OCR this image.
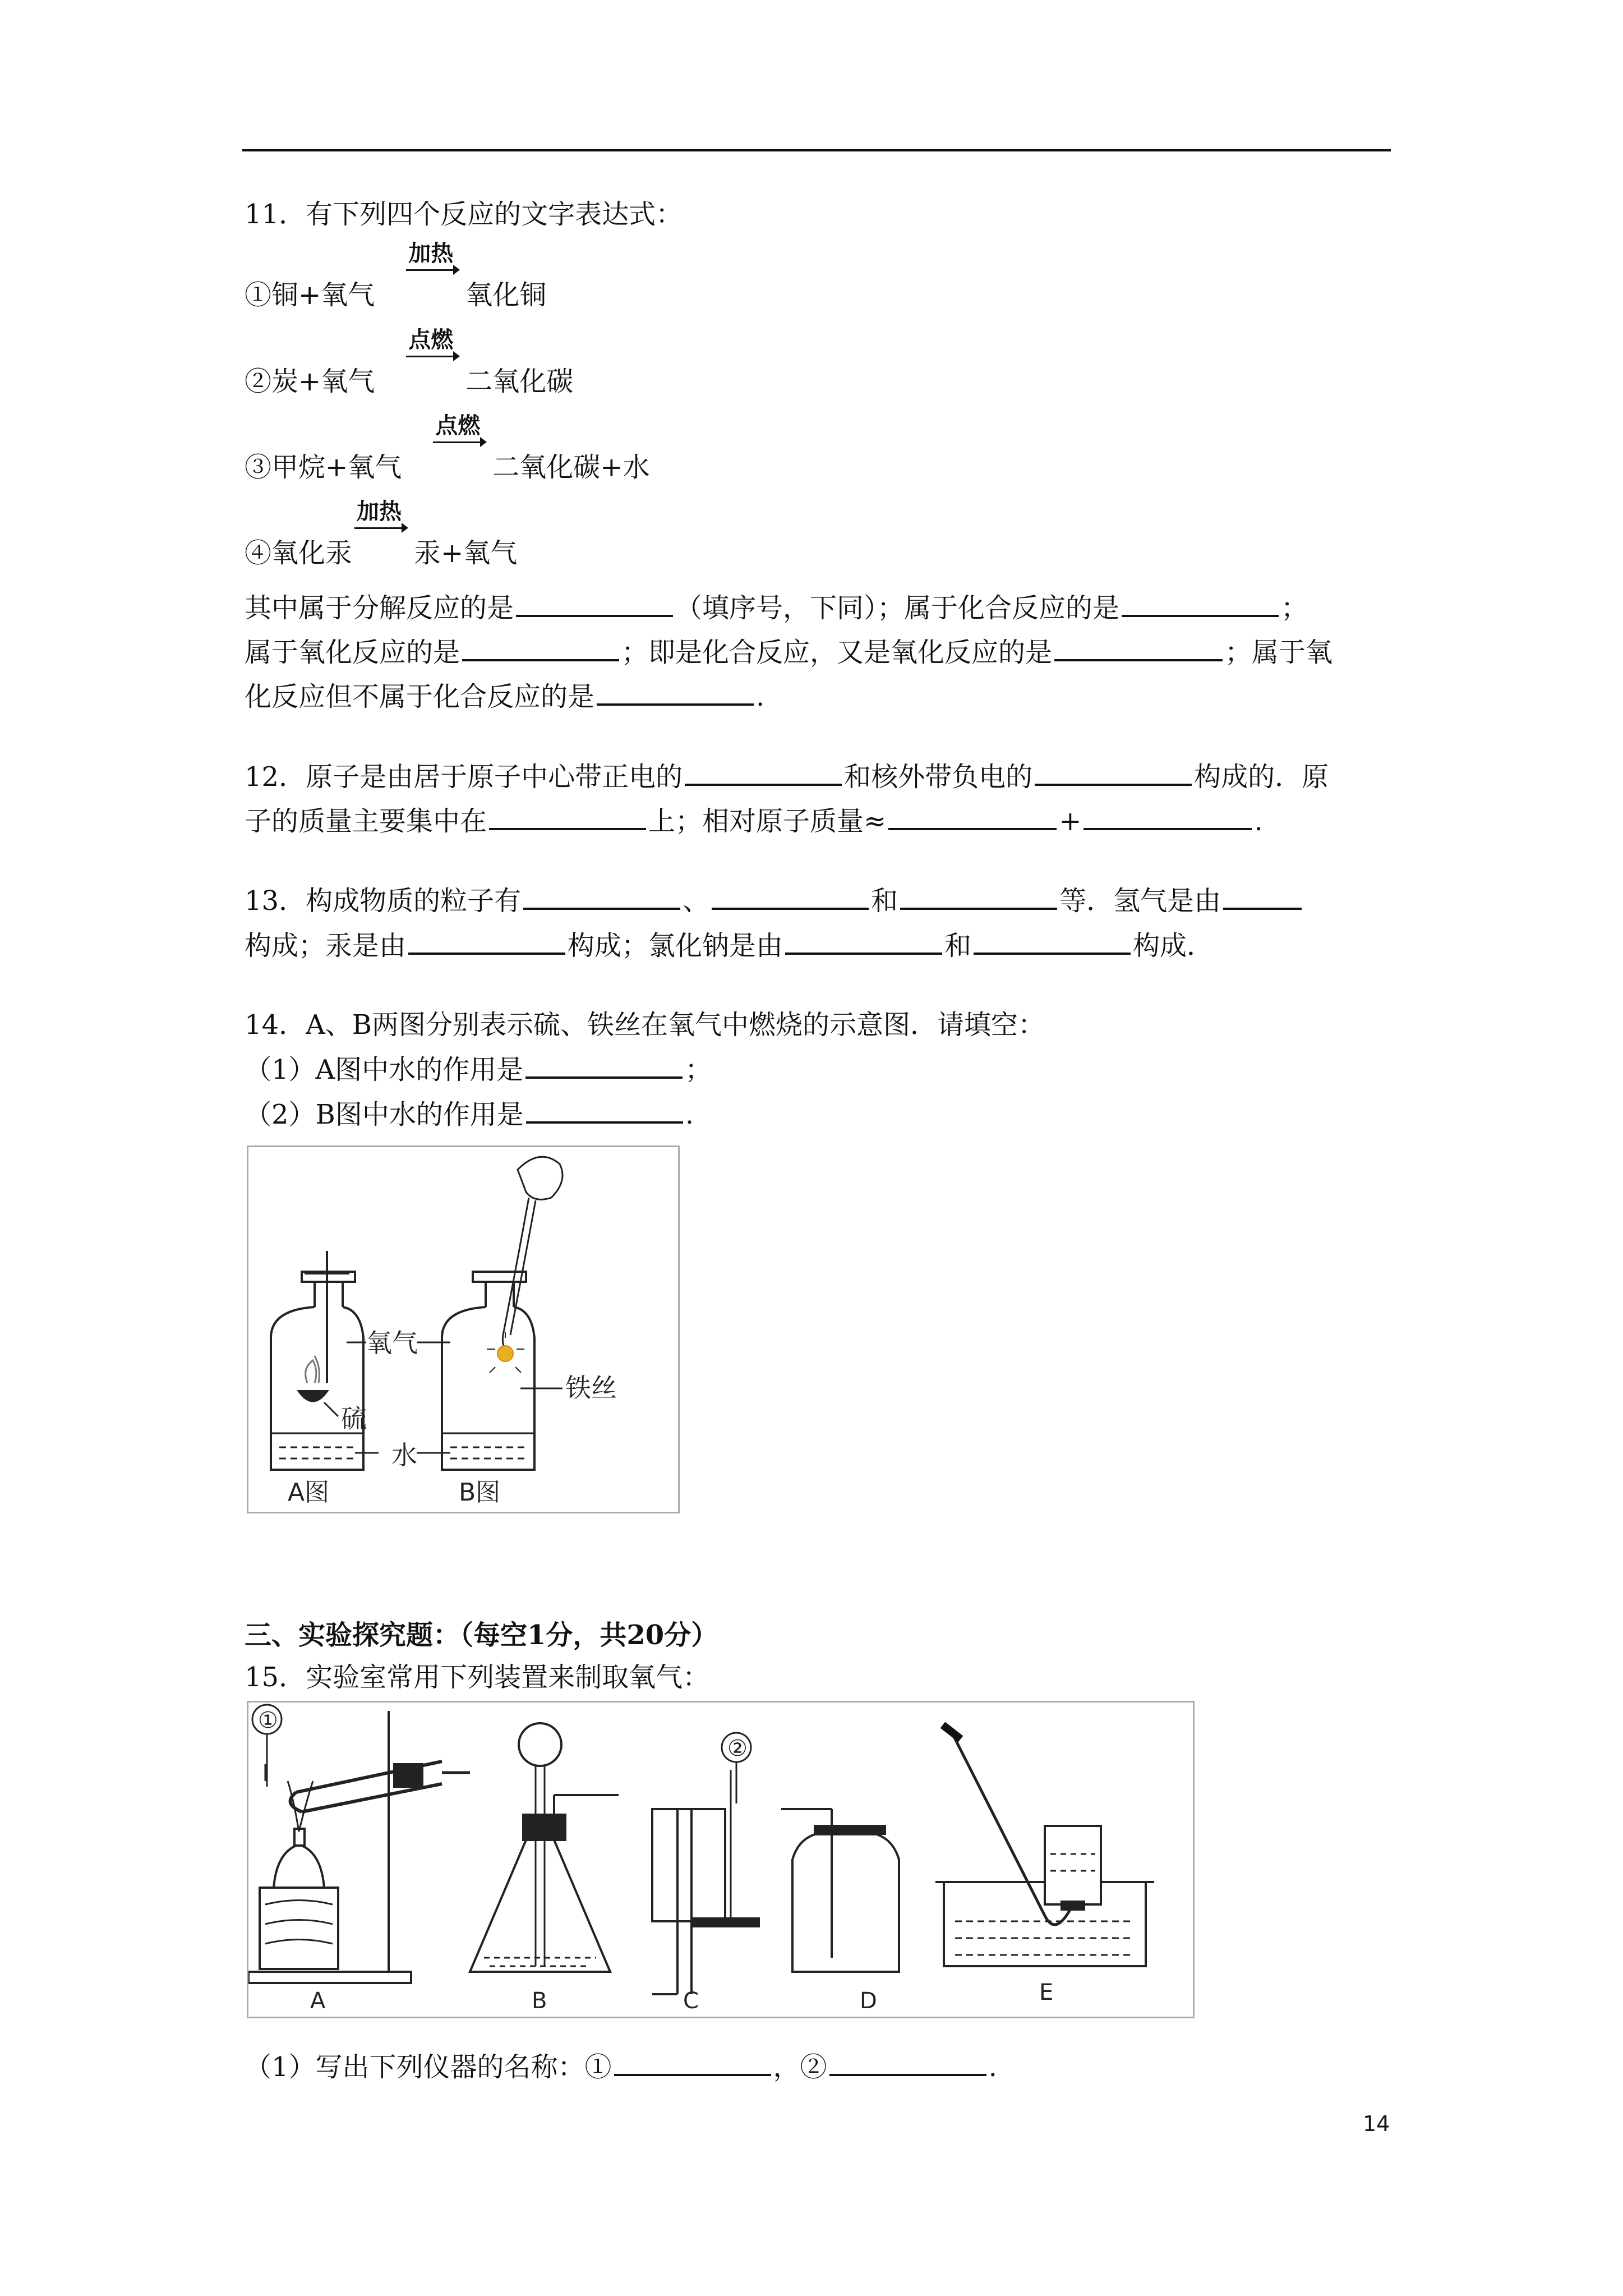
11．有下列四个反应的文字表达式：
①铜+氧气
加热
氧化铜
②炭+氧气
点燃
二氧化碳
③甲烷+氧气
点燃
二氧化碳+水
④氧化汞
加热
汞+氧气
其中属于分解反应的是	（填序号，下同）；属于化合反应的是	；
属于氧化反应的是	；即是化合反应，又是氧化反应的是	；属于氧
化反应但不属于化合反应的是	.
12．原子是由居于原子中心带正电的	和核外带负电的	构成的．原
子的质量主要集中在	上；相对原子质量≈	+	.
13．构成物质的粒子有	、	和	等．氢气是由
构成；汞是由	构成；氯化钠是由	和	构成．
14．A、B两图分别表示硫、铁丝在氧气中燃烧的示意图．请填空：
（1）A图中水的作用是	；
（2）B图中水的作用是	.
氧气
硫
水
铁丝
A图	B图
三、实验探究题：（每空1分，共20分）
15．实验室常用下列装置来制取氧气：
①
②
A	B	C	D	E
（1）写出下列仪器的名称：①	，②	.
14
